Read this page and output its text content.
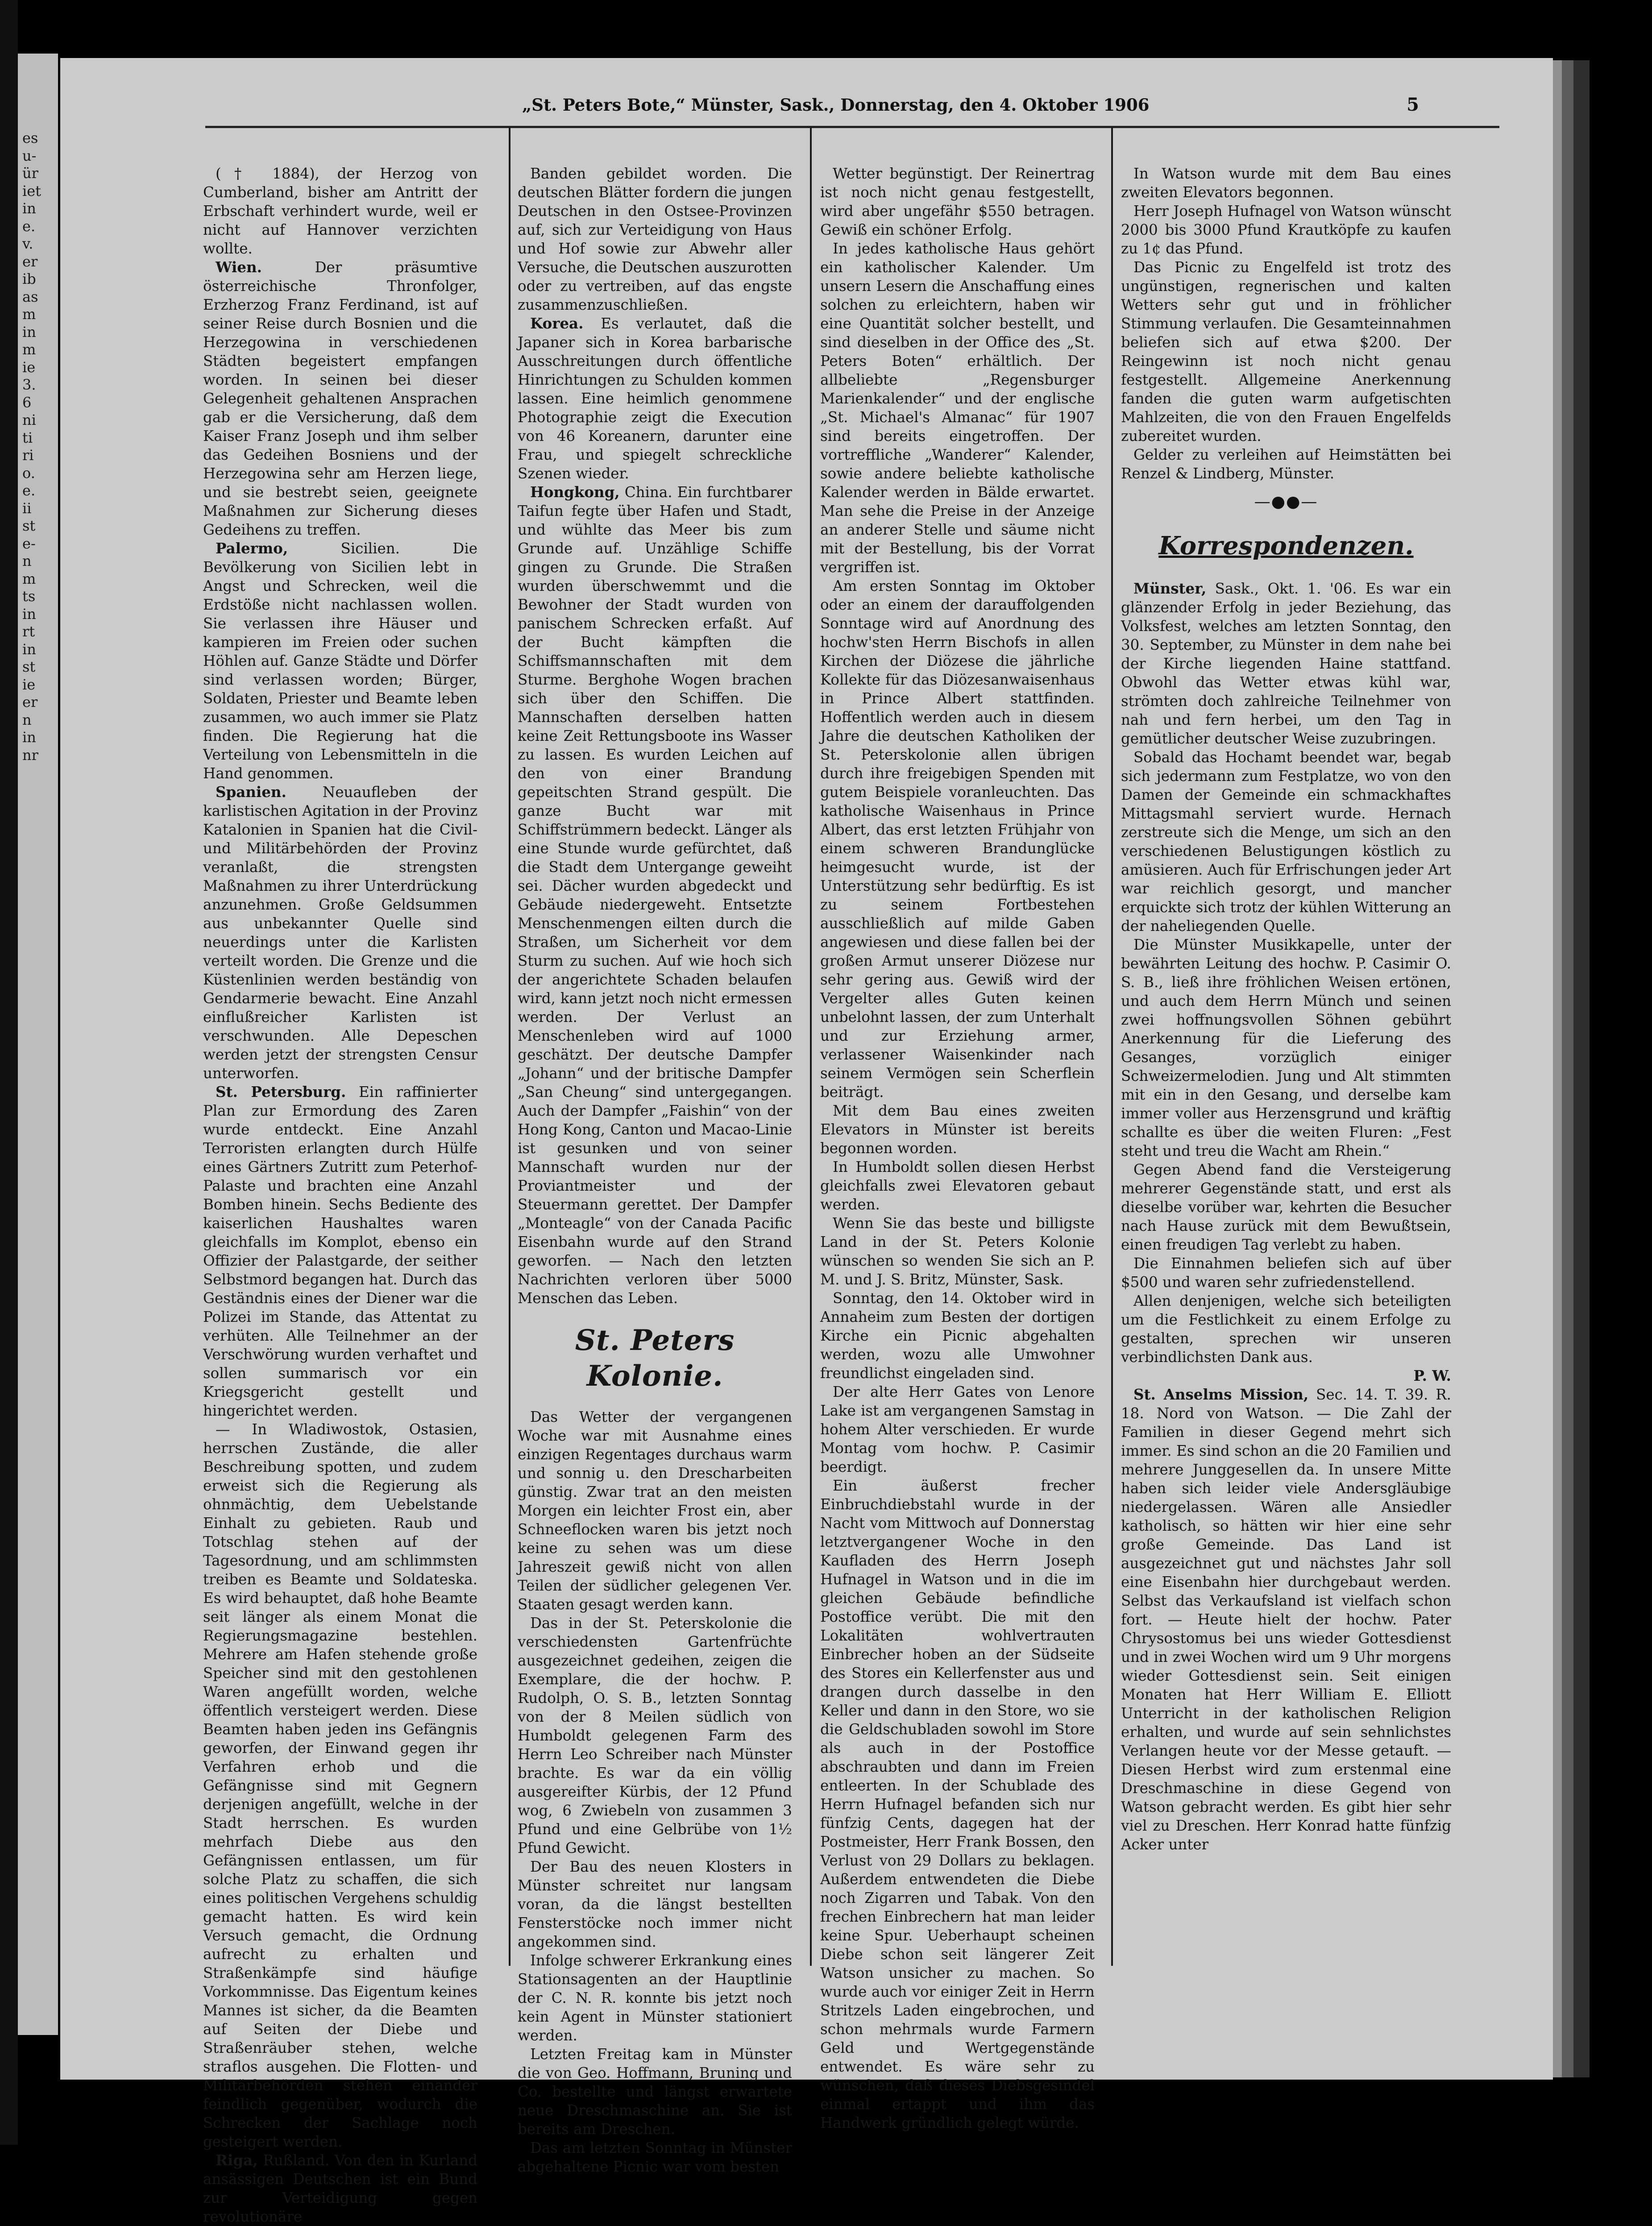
es
u-
ür
iet
in
e.
v.
er
ib
as
m
in
m
ie
3.
6
ni
ti
ri
o.
e.
ii
st
e-
n
m
ts
in
rt
in
st
ie
er
n
in
nr
„St. Peters Bote,“ Münster, Sask., Donnerstag, den 4. Oktober 1906	5

(† 1884), der Herzog von Cumberland, bisher am Antritt der Erbschaft verhindert wurde, weil er nicht auf Hannover verzichten wollte.

Wien.	Der präsumtive österreichische Thronfolger, Erzherzog Franz Ferdinand, ist auf seiner Reise durch Bosnien und die Herzegowina in verschiedenen Städten begeistert empfangen worden. In seinen bei dieser Gelegenheit gehaltenen Ansprachen gab er die Versicherung, daß dem Kaiser Franz Joseph und ihm selber das Gedeihen Bosniens und der Herzegowina sehr am Herzen liege, und sie bestrebt seien, geeignete Maßnahmen zur Sicherung dieses Gedeihens zu treffen.

Palermo,	Sicilien. Die Bevölkerung von Sicilien lebt in Angst und Schrecken, weil die Erdstöße nicht nachlassen wollen. Sie verlassen ihre Häuser und kampieren im Freien oder suchen Höhlen auf. Ganze Städte und Dörfer sind verlassen worden; Bürger, Soldaten, Priester und Beamte leben zusammen, wo auch immer sie Platz finden. Die Regierung hat die Verteilung von Lebensmitteln in die Hand genommen.

Spanien. Neuaufleben der karlistischen Agitation in der Provinz Katalonien in Spanien hat die Civil- und Militärbehörden der Provinz veranlaßt, die strengsten Maßnahmen zu ihrer Unterdrückung anzunehmen. Große Geldsummen aus unbekannter Quelle sind neuerdings unter die Karlisten verteilt worden. Die Grenze und die Küstenlinien werden beständig von Gendarmerie bewacht. Eine Anzahl einflußreicher Karlisten ist verschwunden. Alle Depeschen werden jetzt der strengsten Censur unterworfen.

St. Petersburg. Ein raffinierter Plan zur Ermordung des Zaren wurde entdeckt. Eine Anzahl Terroristen erlangten durch Hülfe eines Gärtners Zutritt zum Peterhof-Palaste und brachten eine Anzahl Bomben hinein. Sechs Bediente des kaiserlichen Haushaltes waren gleichfalls im Komplot, ebenso ein Offizier der Palastgarde, der seither Selbstmord begangen hat. Durch das Geständnis eines der Diener war die Polizei im Stande, das Attentat zu verhüten. Alle Teilnehmer an der Verschwörung wurden verhaftet und sollen summarisch vor ein Kriegsgericht gestellt und hingerichtet werden.

— In Wladiwostok, Ostasien, herrschen Zustände, die aller Beschreibung spotten, und zudem erweist sich die Regierung als ohnmächtig, dem Uebelstande Einhalt zu gebieten. Raub und Totschlag stehen auf der Tagesordnung, und am schlimmsten treiben es Beamte und Soldateska. Es wird behauptet, daß hohe Beamte seit länger als einem Monat die Regierungsmagazine bestehlen. Mehrere am Hafen stehende große Speicher sind mit den gestohlenen Waren angefüllt worden, welche öffentlich versteigert werden. Diese Beamten haben jeden ins Gefängnis geworfen, der Einwand gegen ihr Verfahren erhob und die Gefängnisse sind mit Gegnern derjenigen angefüllt, welche in der Stadt herrschen. Es wurden mehrfach Diebe aus den Gefängnissen entlassen, um für solche Platz zu schaffen, die sich eines politischen Vergehens schuldig gemacht hatten. Es wird kein Versuch gemacht, die Ordnung aufrecht zu erhalten und Straßenkämpfe sind häufige Vorkommnisse. Das Eigentum keines Mannes ist sicher, da die Beamten auf Seiten der Diebe und Straßenräuber stehen, welche straflos ausgehen. Die Flotten- und Militärbehörden stehen einander feindlich gegenüber, wodurch die Schrecken der Sachlage noch gesteigert werden.

Riga, Rußland. Von den in Kurland ansässigen Deutschen ist ein Bund zur Verteidigung gegen revolutionäre

Banden gebildet worden. Die deutschen Blätter fordern die jungen Deutschen in den Ostsee-Provinzen auf, sich zur Verteidigung von Haus und Hof sowie zur Abwehr aller Versuche, die Deutschen auszurotten oder zu vertreiben, auf das engste zusammenzuschließen.

Korea. Es verlautet, daß die Japaner sich in Korea barbarische Ausschreitungen durch öffentliche Hinrichtungen zu Schulden kommen lassen. Eine heimlich genommene Photographie zeigt die Execution von 46 Koreanern, darunter eine Frau, und spiegelt schreckliche Szenen wieder.

Hongkong, China. Ein furchtbarer Taifun fegte über Hafen und Stadt, und wühlte das Meer bis zum Grunde auf. Unzählige Schiffe gingen zu Grunde. Die Straßen wurden überschwemmt und die Bewohner der Stadt wurden von panischem Schrecken erfaßt. Auf der Bucht kämpften die Schiffsmannschaften mit dem Sturme. Berghohe Wogen brachen sich über den Schiffen. Die Mannschaften derselben hatten keine Zeit Rettungsboote ins Wasser zu lassen. Es wurden Leichen auf den von einer Brandung gepeitschten Strand gespült. Die ganze Bucht war mit Schiffstrümmern bedeckt. Länger als eine Stunde wurde gefürchtet, daß die Stadt dem Untergange geweiht sei. Dächer wurden abgedeckt und Gebäude niedergeweht. Entsetzte Menschenmengen eilten durch die Straßen, um Sicherheit vor dem Sturm zu suchen. Auf wie hoch sich der angerichtete Schaden belaufen wird, kann jetzt noch nicht ermessen werden. Der Verlust an Menschenleben wird auf 1000 geschätzt. Der deutsche Dampfer „Johann“ und der britische Dampfer „San Cheung“ sind untergegangen. Auch der Dampfer „Faishin“ von der Hong Kong, Canton und Macao-Linie ist gesunken und von seiner Mannschaft wurden nur der Proviantmeister und der Steuermann gerettet. Der Dampfer „Monteagle“ von der Canada Pacific Eisenbahn wurde auf den Strand geworfen. — Nach den letzten Nachrichten verloren über 5000 Menschen das Leben.

St. Peters Kolonie.

Das Wetter der vergangenen Woche war mit Ausnahme eines einzigen Regentages durchaus warm und sonnig u. den Drescharbeiten günstig. Zwar trat an den meisten Morgen ein leichter Frost ein, aber Schneeflocken waren bis jetzt noch keine zu sehen was um diese Jahreszeit gewiß nicht von allen Teilen der südlicher gelegenen Ver. Staaten gesagt werden kann.

Das in der St. Peterskolonie die verschiedensten Gartenfrüchte ausgezeichnet gedeihen, zeigen die Exemplare, die der hochw. P. Rudolph, O. S. B., letzten Sonntag von der 8 Meilen südlich von Humboldt gelegenen Farm des Herrn Leo Schreiber nach Münster brachte. Es war da ein völlig ausgereifter Kürbis, der 12 Pfund wog, 6 Zwiebeln von zusammen 3 Pfund und eine Gelbrübe von 1½ Pfund Gewicht.

Der Bau des neuen Klosters in Münster schreitet nur langsam voran, da die längst bestellten Fensterstöcke noch immer nicht angekommen sind.

Infolge schwerer Erkrankung eines Stationsagenten an der Hauptlinie der C. N. R. konnte bis jetzt noch kein Agent in Münster stationiert werden.

Letzten Freitag kam in Münster die von Geo. Hoffmann, Bruning und Co. bestellte und längst erwartete neue Dreschmaschine an. Sie ist bereits am Dreschen.

Das am letzten Sonntag in Münster abgehaltene Picnic war vom besten

Wetter begünstigt. Der Reinertrag ist noch nicht genau festgestellt, wird aber ungefähr $550 betragen. Gewiß ein schöner Erfolg.

In jedes katholische Haus gehört ein katholischer Kalender. Um unsern Lesern die Anschaffung eines solchen zu erleichtern, haben wir eine Quantität solcher bestellt, und sind dieselben in der Office des „St. Peters Boten“ erhältlich. Der allbeliebte „Regensburger Marienkalender“ und der englische „St. Michael's Almanac“ für 1907 sind bereits eingetroffen. Der vortreffliche „Wanderer“ Kalender, sowie andere beliebte katholische Kalender werden in Bälde erwartet. Man sehe die Preise in der Anzeige an anderer Stelle und säume nicht mit der Bestellung, bis der Vorrat vergriffen ist.

Am ersten Sonntag im Oktober oder an einem der darauffolgenden Sonntage wird auf Anordnung des hochw'sten Herrn Bischofs in allen Kirchen der Diözese die jährliche Kollekte für das Diözesanwaisenhaus in Prince Albert stattfinden. Hoffentlich werden auch in diesem Jahre die deutschen Katholiken der St. Peterskolonie allen übrigen durch ihre freigebigen Spenden mit gutem Beispiele voranleuchten. Das katholische Waisenhaus in Prince Albert, das erst letzten Frühjahr von einem schweren Brandunglücke heimgesucht wurde, ist der Unterstützung sehr bedürftig. Es ist zu seinem Fortbestehen ausschließlich auf milde Gaben angewiesen und diese fallen bei der großen Armut unserer Diözese nur sehr gering aus. Gewiß wird der Vergelter alles Guten keinen unbelohnt lassen, der zum Unterhalt und zur Erziehung armer, verlassener Waisenkinder nach seinem Vermögen sein Scherflein beiträgt.

Mit dem Bau eines zweiten Elevators in Münster ist bereits begonnen worden.

In Humboldt sollen diesen Herbst gleichfalls zwei Elevatoren gebaut werden.

Wenn Sie das beste und billigste Land in der St. Peters Kolonie wünschen so wenden Sie sich an P. M. und J. S. Britz, Münster, Sask.

Sonntag, den 14. Oktober wird in Annaheim zum Besten der dortigen Kirche ein Picnic abgehalten werden, wozu alle Umwohner freundlichst eingeladen sind.

Der alte Herr Gates von Lenore Lake ist am vergangenen Samstag in hohem Alter verschieden. Er wurde Montag vom hochw. P. Casimir beerdigt.

Ein äußerst frecher Einbruchdiebstahl wurde in der Nacht vom Mittwoch auf Donnerstag letztvergangener Woche in den Kaufladen des Herrn Joseph Hufnagel in Watson und in die im gleichen Gebäude befindliche Postoffice verübt. Die mit den Lokalitäten wohlvertrauten Einbrecher hoben an der Südseite des Stores ein Kellerfenster aus und drangen durch dasselbe in den Keller und dann in den Store, wo sie die Geldschubladen sowohl im Store als auch in der Postoffice abschraubten und dann im Freien entleerten. In der Schublade des Herrn Hufnagel befanden sich nur fünfzig Cents, dagegen hat der Postmeister, Herr Frank Bossen, den Verlust von 29 Dollars zu beklagen. Außerdem entwendeten die Diebe noch Zigarren und Tabak. Von den frechen Einbrechern hat man leider keine Spur. Ueberhaupt scheinen Diebe schon seit längerer Zeit Watson unsicher zu machen. So wurde auch vor einiger Zeit in Herrn Stritzels Laden eingebrochen, und schon mehrmals wurde Farmern Geld und Wertgegenstände entwendet. Es wäre sehr zu wünschen, daß dieses Diebsgesindel einmal ertappt und ihm das Handwerk gründlich gelegt würde.

In Watson wurde mit dem Bau eines zweiten Elevators begonnen.

Herr Joseph Hufnagel von Watson wünscht 2000 bis 3000 Pfund Krautköpfe zu kaufen zu 1¢ das Pfund.

Das Picnic zu Engelfeld ist trotz des ungünstigen, regnerischen und kalten Wetters sehr gut und in fröhlicher Stimmung verlaufen. Die Gesamteinnahmen beliefen sich auf etwa $200. Der Reingewinn ist noch nicht genau festgestellt. Allgemeine Anerkennung fanden die guten warm aufgetischten Mahlzeiten, die von den Frauen Engelfelds zubereitet wurden.

Gelder zu verleihen auf Heimstätten bei Renzel & Lindberg, Münster.

—●●—
Korrespondenzen.

Münster, Sask., Okt. 1. '06. Es war ein glänzender Erfolg in jeder Beziehung, das Volksfest, welches am letzten Sonntag, den 30. September, zu Münster in dem nahe bei der Kirche liegenden Haine stattfand. Obwohl das Wetter etwas kühl war, strömten doch zahlreiche Teilnehmer von nah und fern herbei, um den Tag in gemütlicher deutscher Weise zuzubringen.

Sobald das Hochamt beendet war, begab sich jedermann zum Festplatze, wo von den Damen der Gemeinde ein schmackhaftes Mittagsmahl serviert wurde. Hernach zerstreute sich die Menge, um sich an den verschiedenen Belustigungen köstlich zu amüsieren. Auch für Erfrischungen jeder Art war reichlich gesorgt, und mancher erquickte sich trotz der kühlen Witterung an der naheliegenden Quelle.

Die Münster Musikkapelle, unter der bewährten Leitung des hochw. P. Casimir O. S. B., ließ ihre fröhlichen Weisen ertönen, und auch dem Herrn Münch und seinen zwei hoffnungsvollen Söhnen gebührt Anerkennung für die Lieferung des Gesanges, vorzüglich einiger Schweizermelodien. Jung und Alt stimmten mit ein in den Gesang, und derselbe kam immer voller aus Herzensgrund und kräftig schallte es über die weiten Fluren: „Fest steht und treu die Wacht am Rhein.“

Gegen Abend fand die Versteigerung mehrerer Gegenstände statt, und erst als dieselbe vorüber war, kehrten die Besucher nach Hause zurück mit dem Bewußtsein, einen freudigen Tag verlebt zu haben.

Die Einnahmen beliefen sich auf über $500 und waren sehr zufriedenstellend.

Allen denjenigen, welche sich beteiligten um die Festlichkeit zu einem Erfolge zu gestalten, sprechen wir unseren verbindlichsten Dank aus.

P. W.

St. Anselms Mission, Sec. 14. T. 39. R. 18. Nord von Watson. — Die Zahl der Familien in dieser Gegend mehrt sich immer. Es sind schon an die 20 Familien und mehrere Junggesellen da. In unsere Mitte haben sich leider viele Andersgläubige niedergelassen. Wären alle Ansiedler katholisch, so hätten wir hier eine sehr große Gemeinde. Das Land ist ausgezeichnet gut und nächstes Jahr soll eine Eisenbahn hier durchgebaut werden. Selbst das Verkaufsland ist vielfach schon fort. — Heute hielt der hochw. Pater Chrysostomus bei uns wieder Gottesdienst und in zwei Wochen wird um 9 Uhr morgens wieder Gottesdienst sein. Seit einigen Monaten hat Herr William E. Elliott Unterricht in der katholischen Religion erhalten, und wurde auf sein sehnlichstes Verlangen heute vor der Messe getauft. — Diesen Herbst wird zum erstenmal eine Dreschmaschine in diese Gegend von Watson gebracht werden. Es gibt hier sehr viel zu Dreschen. Herr Konrad hatte fünfzig Acker unter
